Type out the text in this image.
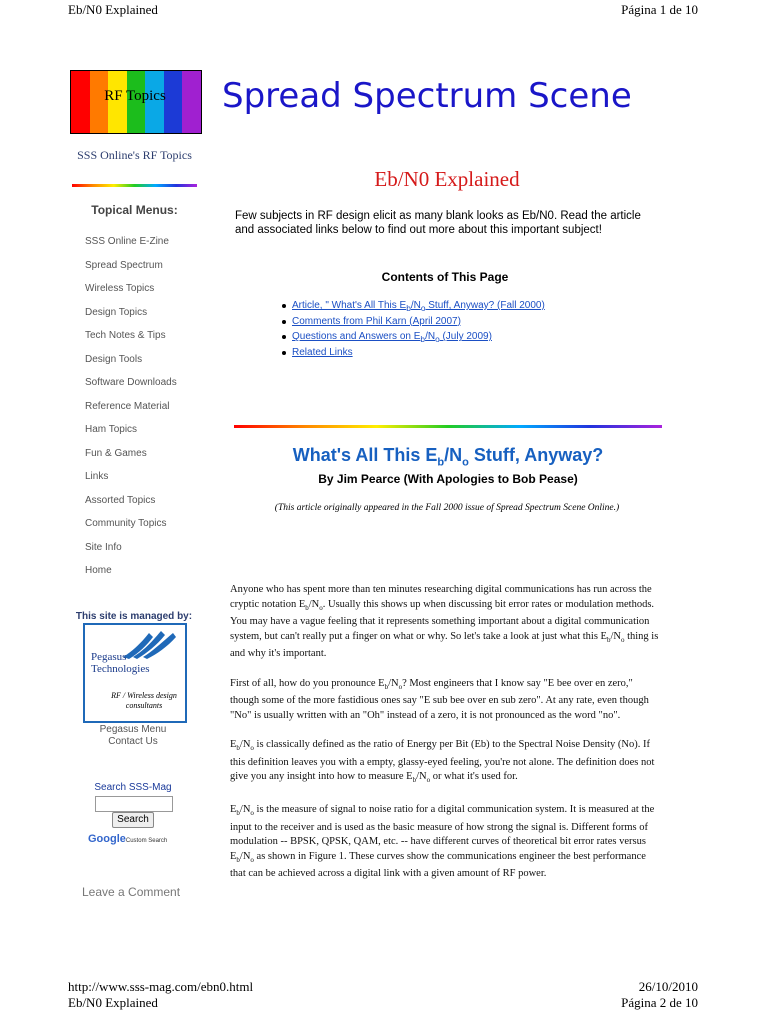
Eb/N0 Explained	Página 1 de 10
RF Topics	Spread Spectrum Scene
SSS Online's RF Topics
Topical Menus:
SSS Online E-Zine
Spread Spectrum
Wireless Topics
Design Topics
Tech Notes & Tips
Design Tools
Software Downloads
Reference Material
Ham Topics
Fun & Games
Links
Assorted Topics
Community Topics
Site Info
Home
This site is managed by:
Pegasus Technologies
RF / Wireless design consultants
Pegasus Menu
Contact Us
Search SSS-Mag
Search
GoogleCustom Search
Leave a Comment
Eb/N0 Explained
Few subjects in RF design elicit as many blank looks as Eb/N0. Read the article and associated links below to find out more about this important subject!
Contents of This Page
Article, " What's All This $E_b/N_o$ Stuff, Anyway? (Fall 2000)
Comments from Phil Karn (April 2007)
Questions and Answers on $E_b/N_o$ (July 2009)
Related Links
What's All This $E_b/N_o$ Stuff, Anyway?
By Jim Pearce (With Apologies to Bob Pease)
(This article originally appeared in the Fall 2000 issue of Spread Spectrum Scene Online.)

Anyone who has spent more than ten minutes researching digital communications has run across the cryptic notation $E_b/N_o$. Usually this shows up when discussing bit error rates or modulation methods. You may have a vague feeling that it represents something important about a digital communication system, but can't really put a finger on what or why. So let's take a look at just what this $E_b/N_o$ thing is and why it's important.

First of all, how do you pronounce $E_b/N_o$? Most engineers that I know say "E bee over en zero," though some of the more fastidious ones say "E sub bee over en sub zero". At any rate, even though "No" is usually written with an "Oh" instead of a zero, it is not pronounced as the word "no".

$E_b/N_o$ is classically defined as the ratio of Energy per Bit (Eb) to the Spectral Noise Density (No). If this definition leaves you with a empty, glassy-eyed feeling, you're not alone. The definition does not give you any insight into how to measure $E_b/N_o$ or what it's used for.

$E_b/N_o$ is the measure of signal to noise ratio for a digital communication system. It is measured at the input to the receiver and is used as the basic measure of how strong the signal is. Different forms of modulation -- BPSK, QPSK, QAM, etc. -- have different curves of theoretical bit error rates versus $E_b/N_o$ as shown in Figure 1. These curves show the communications engineer the best performance that can be achieved across a digital link with a given amount of RF power.

http://www.sss-mag.com/ebn0.html	26/10/2010
Eb/N0 Explained	Página 2 de 10
